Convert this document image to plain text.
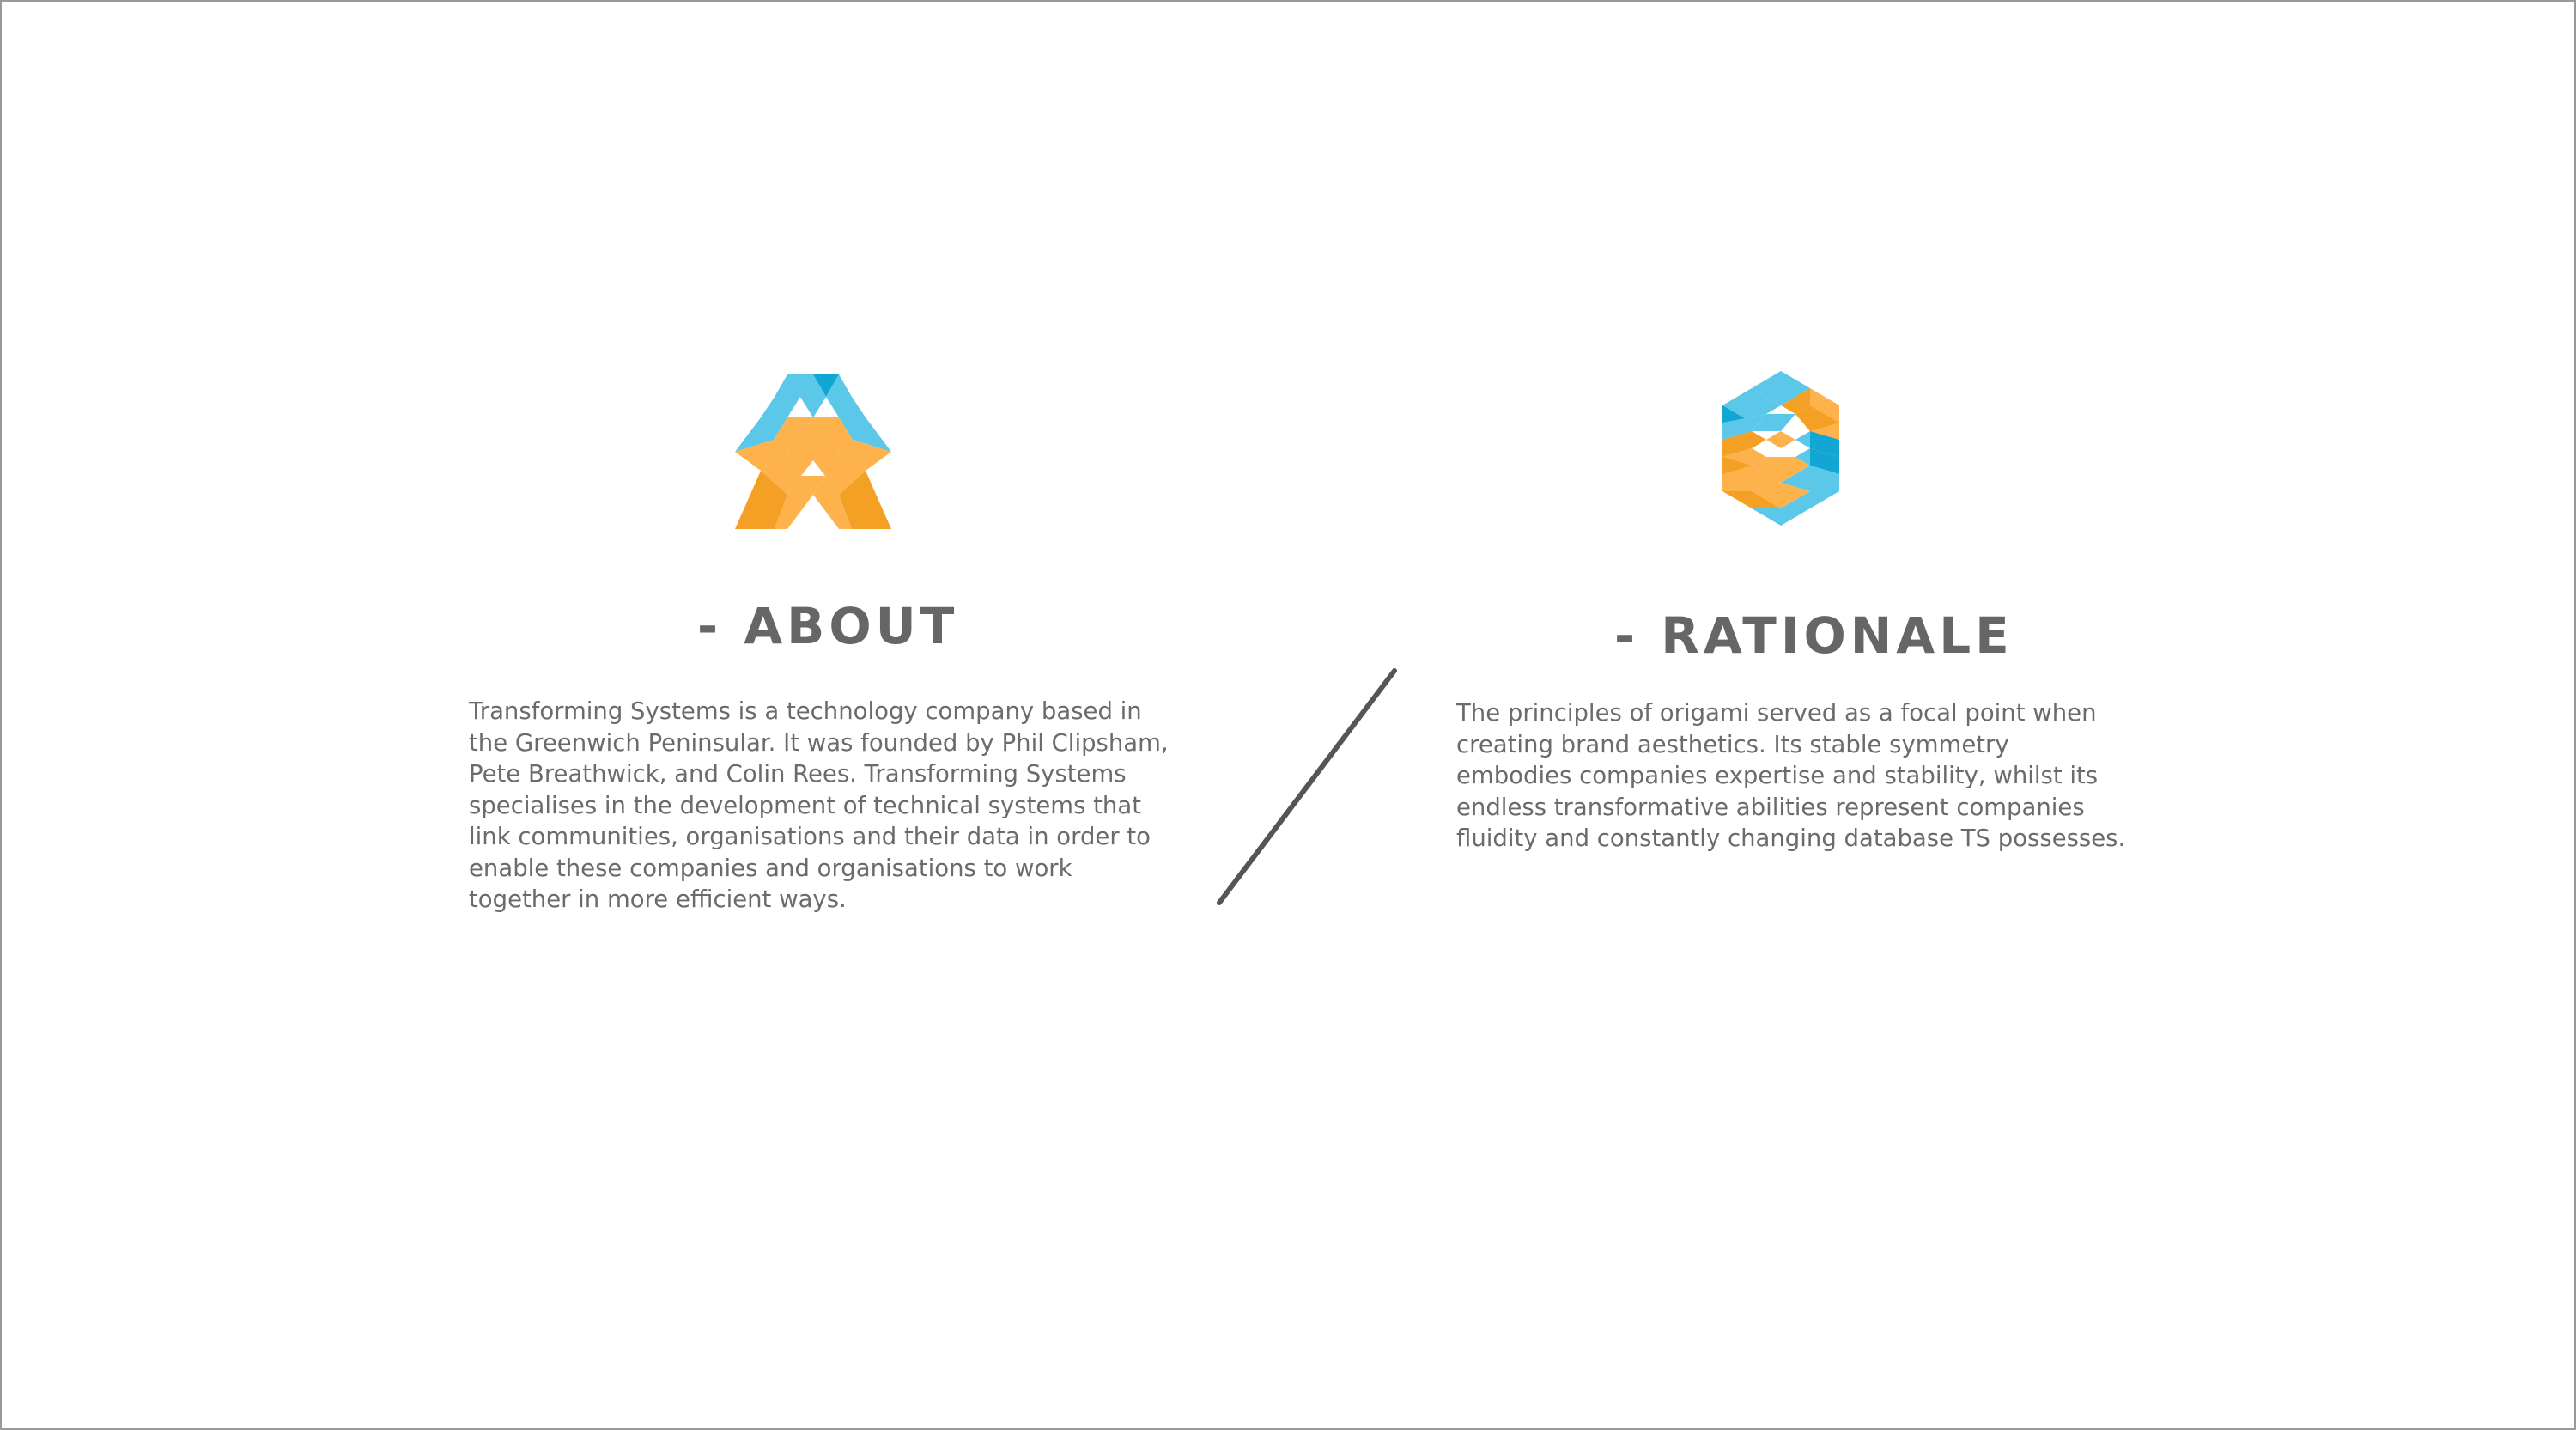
- ABOUT	- RATIONALE
Transforming Systems is a technology company based in
the Greenwich Peninsular. It was founded by Phil Clipsham,
Pete Breathwick, and Colin Rees. Transforming Systems
specialises in the development of technical systems that
link communities, organisations and their data in order to
enable these companies and organisations to work
together in more efficient ways.
The principles of origami served as a focal point when
creating brand aesthetics. Its stable symmetry
embodies companies expertise and stability, whilst its
endless transformative abilities represent companies
fluidity and constantly changing database TS possesses.
